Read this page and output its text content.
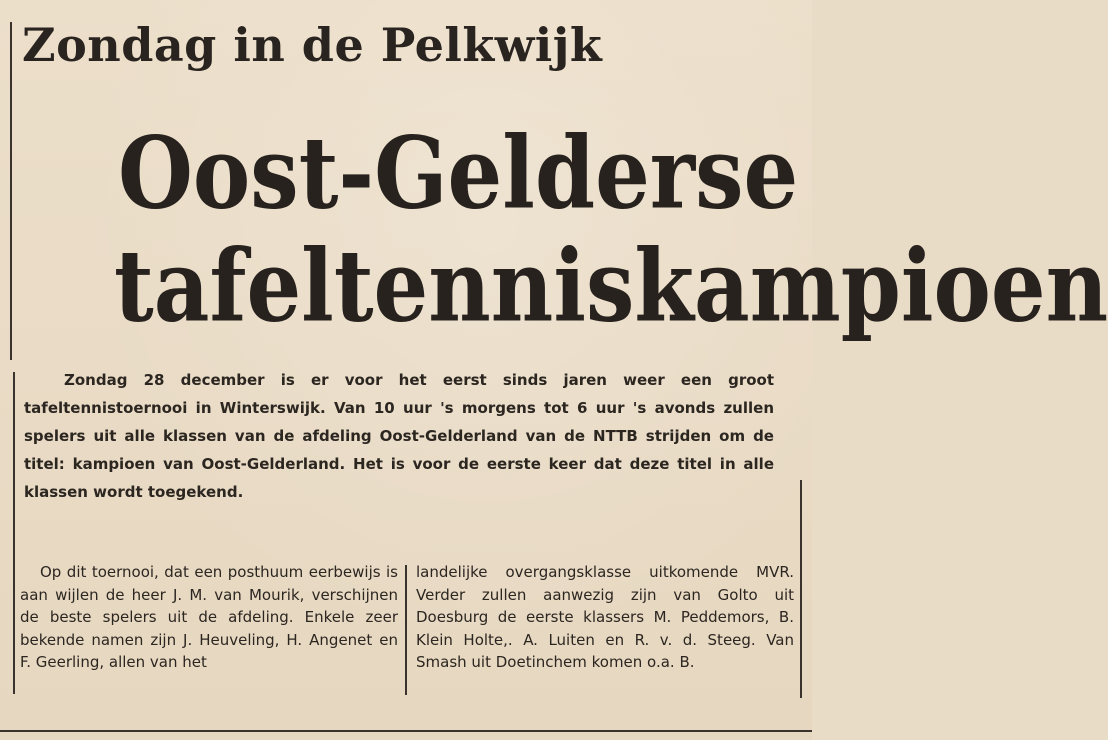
Zondag in de Pelkwijk
Oost-Gelderse
tafeltenniskampioen
Zondag 28 december is er voor het eerst sinds jaren weer een groot tafeltennistoernooi in Winterswijk. Van 10 uur 's morgens tot 6 uur 's avonds zullen spelers uit alle klassen van de afdeling Oost-Gelderland van de NTTB strijden om de titel: kampioen van Oost-Gelderland. Het is voor de eerste keer dat deze titel in alle klassen wordt toegekend.
Op dit toernooi, dat een posthuum eerbewijs is aan wijlen de heer J. M. van Mourik, verschijnen de beste spelers uit de afdeling. Enkele zeer bekende namen zijn J. Heuveling, H. Angenet en F. Geerling, allen van het
landelijke overgangsklasse uitkomende MVR. Verder zullen aanwezig zijn van Golto uit Doesburg de eerste klassers M. Peddemors, B. Klein Holte,. A. Luiten en R. v. d. Steeg. Van Smash uit Doetinchem komen o.a. B.
